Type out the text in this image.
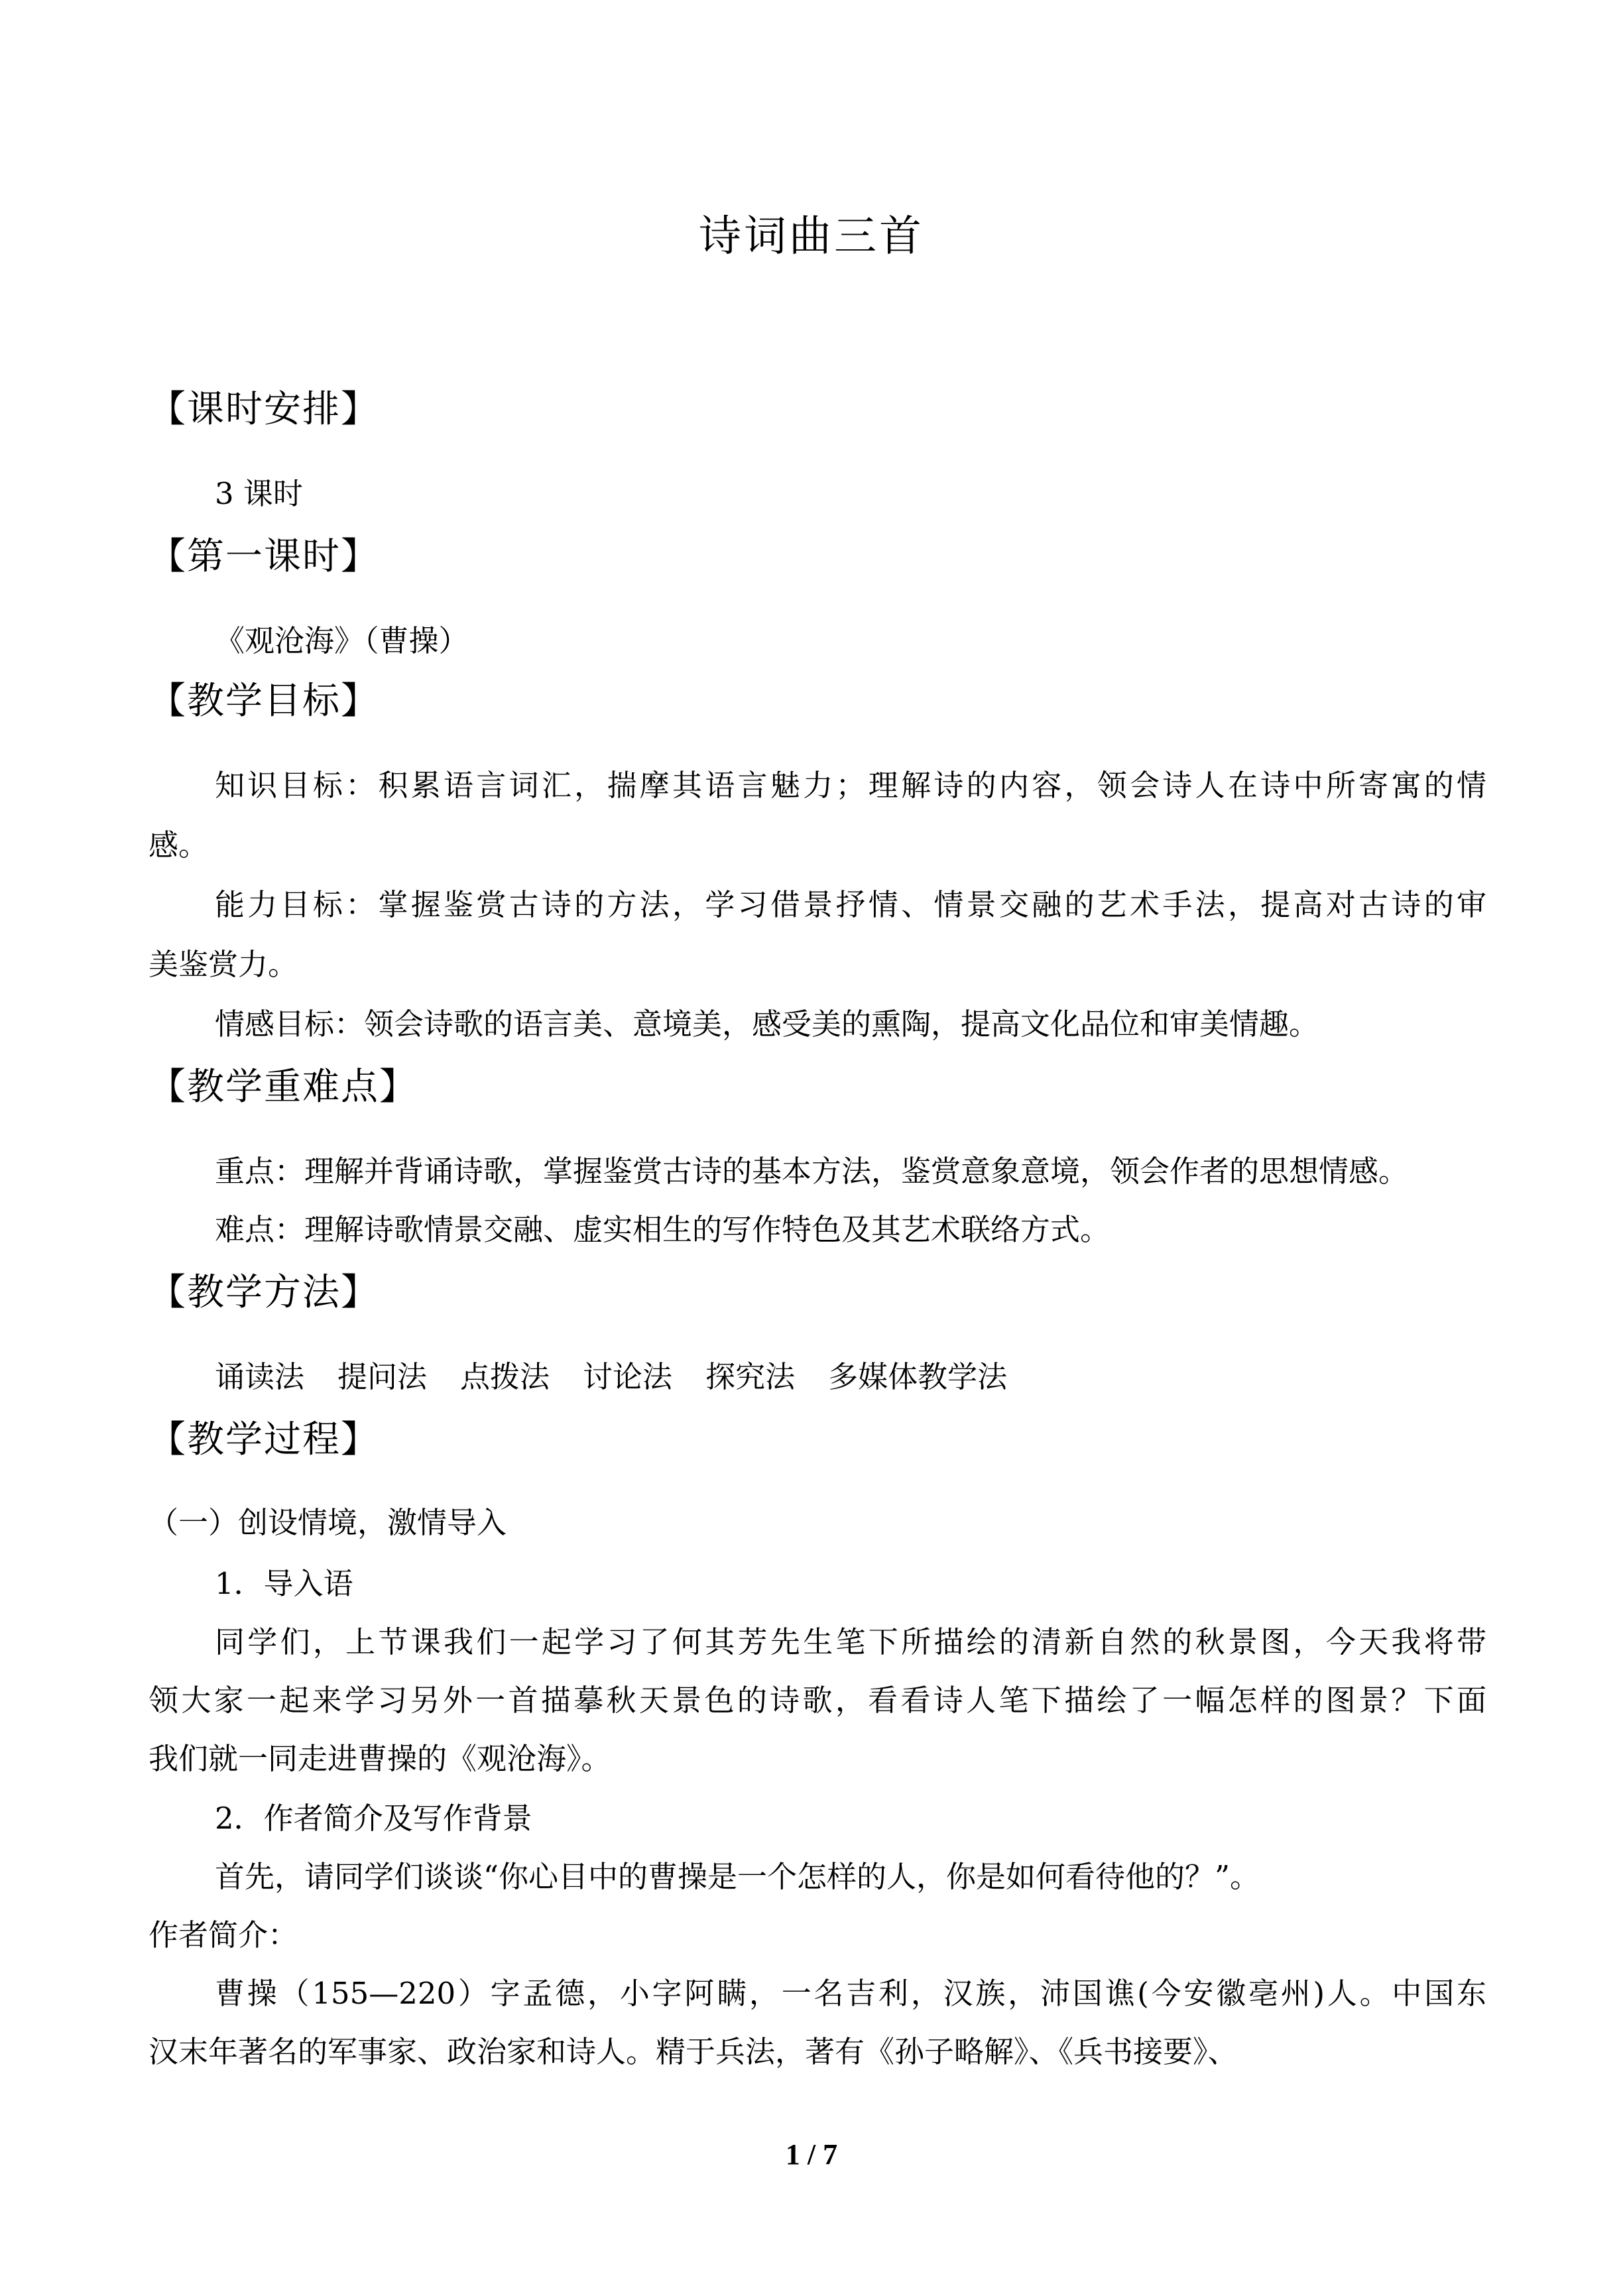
诗词曲三首
【课时安排】
3 课时
【第一课时】
《观沧海》（曹操）
【教学目标】
知识目标：积累语言词汇，揣摩其语言魅力；理解诗的内容，领会诗人在诗中所寄寓的情
感。
能力目标：掌握鉴赏古诗的方法，学习借景抒情、情景交融的艺术手法，提高对古诗的审
美鉴赏力。
情感目标：领会诗歌的语言美、意境美，感受美的熏陶，提高文化品位和审美情趣。
【教学重难点】
重点：理解并背诵诗歌，掌握鉴赏古诗的基本方法，鉴赏意象意境，领会作者的思想情感。
难点：理解诗歌情景交融、虚实相生的写作特色及其艺术联络方式。
【教学方法】
诵读法 提问法 点拨法 讨论法 探究法 多媒体教学法
【教学过程】
（一）创设情境，激情导入
1．导入语
同学们，上节课我们一起学习了何其芳先生笔下所描绘的清新自然的秋景图，今天我将带
领大家一起来学习另外一首描摹秋天景色的诗歌，看看诗人笔下描绘了一幅怎样的图景？下面
我们就一同走进曹操的《观沧海》。
2．作者简介及写作背景
首先，请同学们谈谈“你心目中的曹操是一个怎样的人，你是如何看待他的？”。
作者简介：
曹操（155—220）字孟德，小字阿瞒，一名吉利，汉族，沛国谯(今安徽亳州)人。中国东
汉末年著名的军事家、政治家和诗人。精于兵法，著有《孙子略解》、《兵书接要》、
1 / 7
